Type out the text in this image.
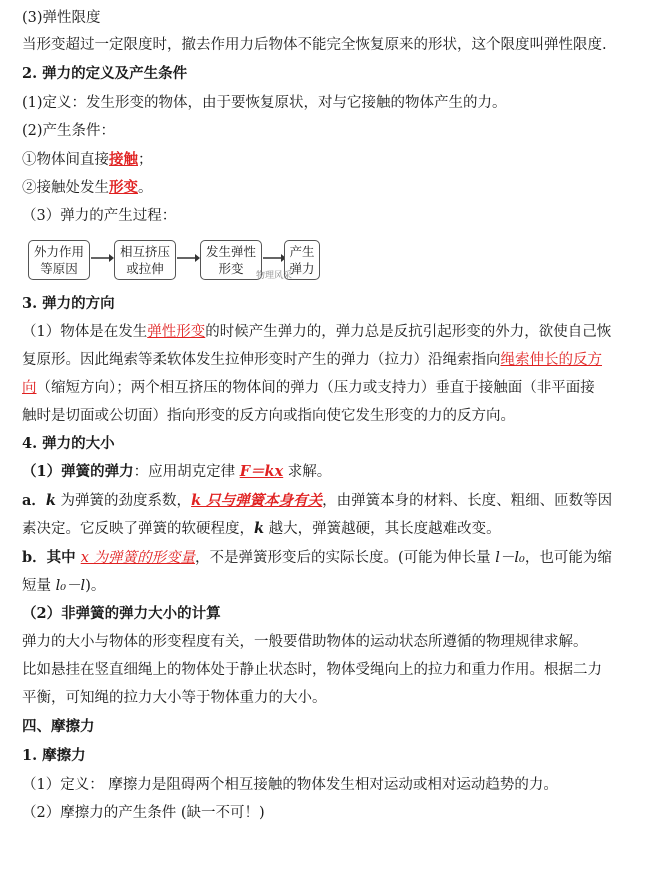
(3)弹性限度
当形变超过一定限度时，撤去作用力后物体不能完全恢复原来的形状，这个限度叫弹性限度.
2. 弹力的定义及产生条件
(1)定义：发生形变的物体，由于要恢复原状，对与它接触的物体产生的力。
(2)产生条件：
①物体间直接接触；
②接触处发生形变。
（3）弹力的产生过程：
外力作用等原因
相互挤压或拉伸
发生弹性形变
产生弹力
物理风采
3. 弹力的方向
（1）物体是在发生弹性形变的时候产生弹力的，弹力总是反抗引起形变的外力，欲使自己恢
复原形。因此绳索等柔软体发生拉伸形变时产生的弹力（拉力）沿绳索指向绳索伸长的反方
向（缩短方向）；两个相互挤压的物体间的弹力（压力或支持力）垂直于接触面（非平面接
触时是切面或公切面）指向形变的反方向或指向使它发生形变的力的反方向。
4. 弹力的大小
（1）弹簧的弹力：应用胡克定律 F＝kx 求解。
a．k 为弹簧的劲度系数，k 只与弹簧本身有关，由弹簧本身的材料、长度、粗细、匝数等因
素决定。它反映了弹簧的软硬程度，k 越大，弹簧越硬，其长度越难改变。
b．其中 x 为弹簧的形变量，不是弹簧形变后的实际长度。(可能为伸长量 l－l₀，也可能为缩
短量 l₀－l)。
（2）非弹簧的弹力大小的计算
弹力的大小与物体的形变程度有关，一般要借助物体的运动状态所遵循的物理规律求解。
比如悬挂在竖直细绳上的物体处于静止状态时，物体受绳向上的拉力和重力作用。根据二力
平衡，可知绳的拉力大小等于物体重力的大小。
四、摩擦力
1. 摩擦力
（1）定义： 摩擦力是阻碍两个相互接触的物体发生相对运动或相对运动趋势的力。
（2）摩擦力的产生条件 (缺一不可！)
